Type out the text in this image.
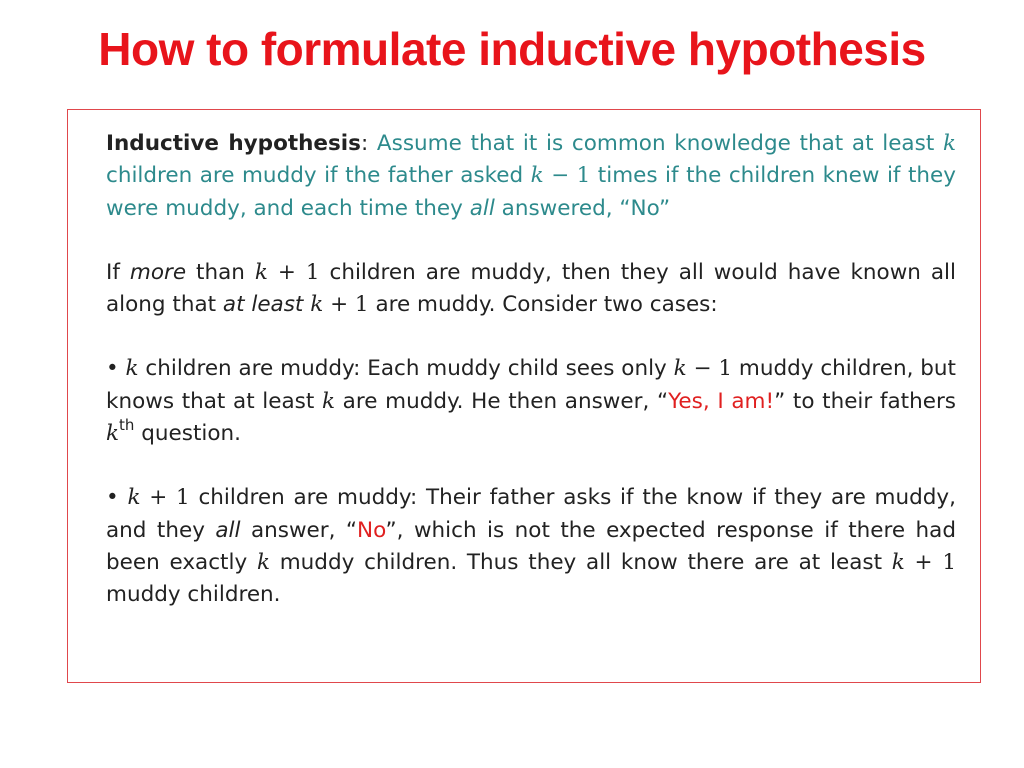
How to formulate inductive hypothesis

Inductive hypothesis: Assume that it is common knowledge that at least k children are muddy if the father asked k − 1 times if the children knew if they were muddy, and each time they all answered, “No”

If more than k + 1 children are muddy, then they all would have known all along that at least k + 1 are muddy. Consider two cases:

• k children are muddy: Each muddy child sees only k − 1 muddy children, but knows that at least k are muddy. He then answer, “Yes, I am!” to their fathers $k^{th}$ question.

• k + 1 children are muddy: Their father asks if the know if they are muddy, and they all answer, “No”, which is not the expected response if there had been exactly k muddy children. Thus they all know there are at least k + 1 muddy children.
